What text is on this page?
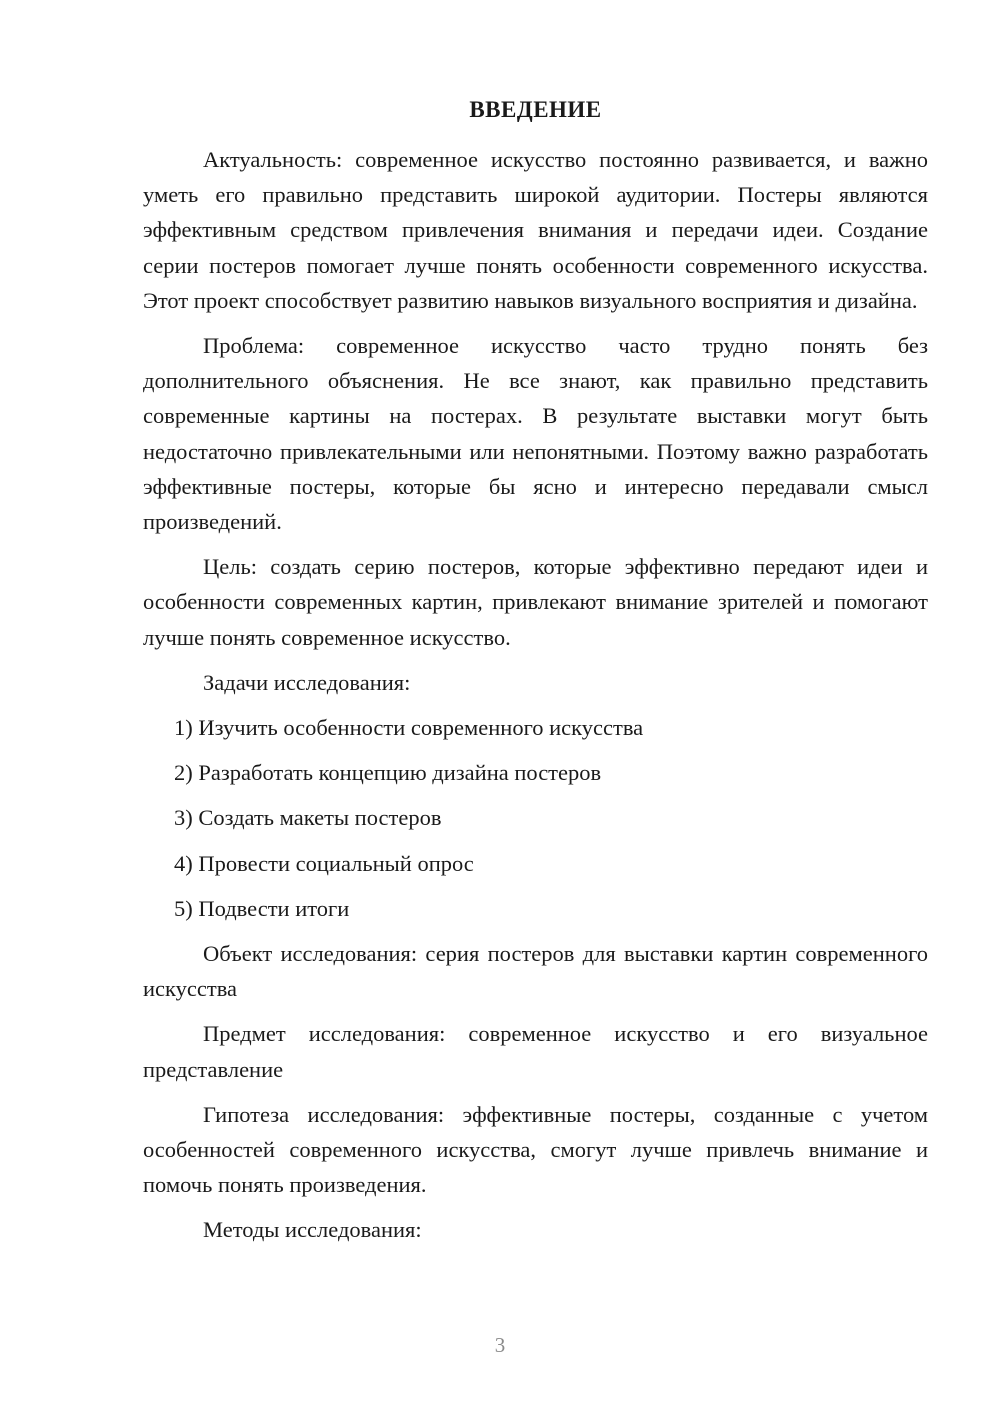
ВВЕДЕНИЕ

Актуальность: современное искусство постоянно развивается, и важно уметь его правильно представить широкой аудитории. Постеры являются эффективным средством привлечения внимания и передачи идеи. Создание серии постеров помогает лучше понять особенности современного искусства. Этот проект способствует развитию навыков визуального восприятия и дизайна.

Проблема: современное искусство часто трудно понять без дополнительного объяснения. Не все знают, как правильно представить современные картины на постерах. В результате выставки могут быть недостаточно привлекательными или непонятными. Поэтому важно разработать эффективные постеры, которые бы ясно и интересно передавали смысл произведений.

Цель: создать серию постеров, которые эффективно передают идеи и особенности современных картин, привлекают внимание зрителей и помогают лучше понять современное искусство.

Задачи исследования:

1) Изучить особенности современного искусства
2) Разработать концепцию дизайна постеров
3) Создать макеты постеров
4) Провести социальный опрос
5) Подвести итоги

Объект исследования: серия постеров для выставки картин современного искусства

Предмет исследования: современное искусство и его визуальное представление

Гипотеза исследования: эффективные постеры, созданные с учетом особенностей современного искусства, смогут лучше привлечь внимание и помочь понять произведения.

Методы исследования:

3
